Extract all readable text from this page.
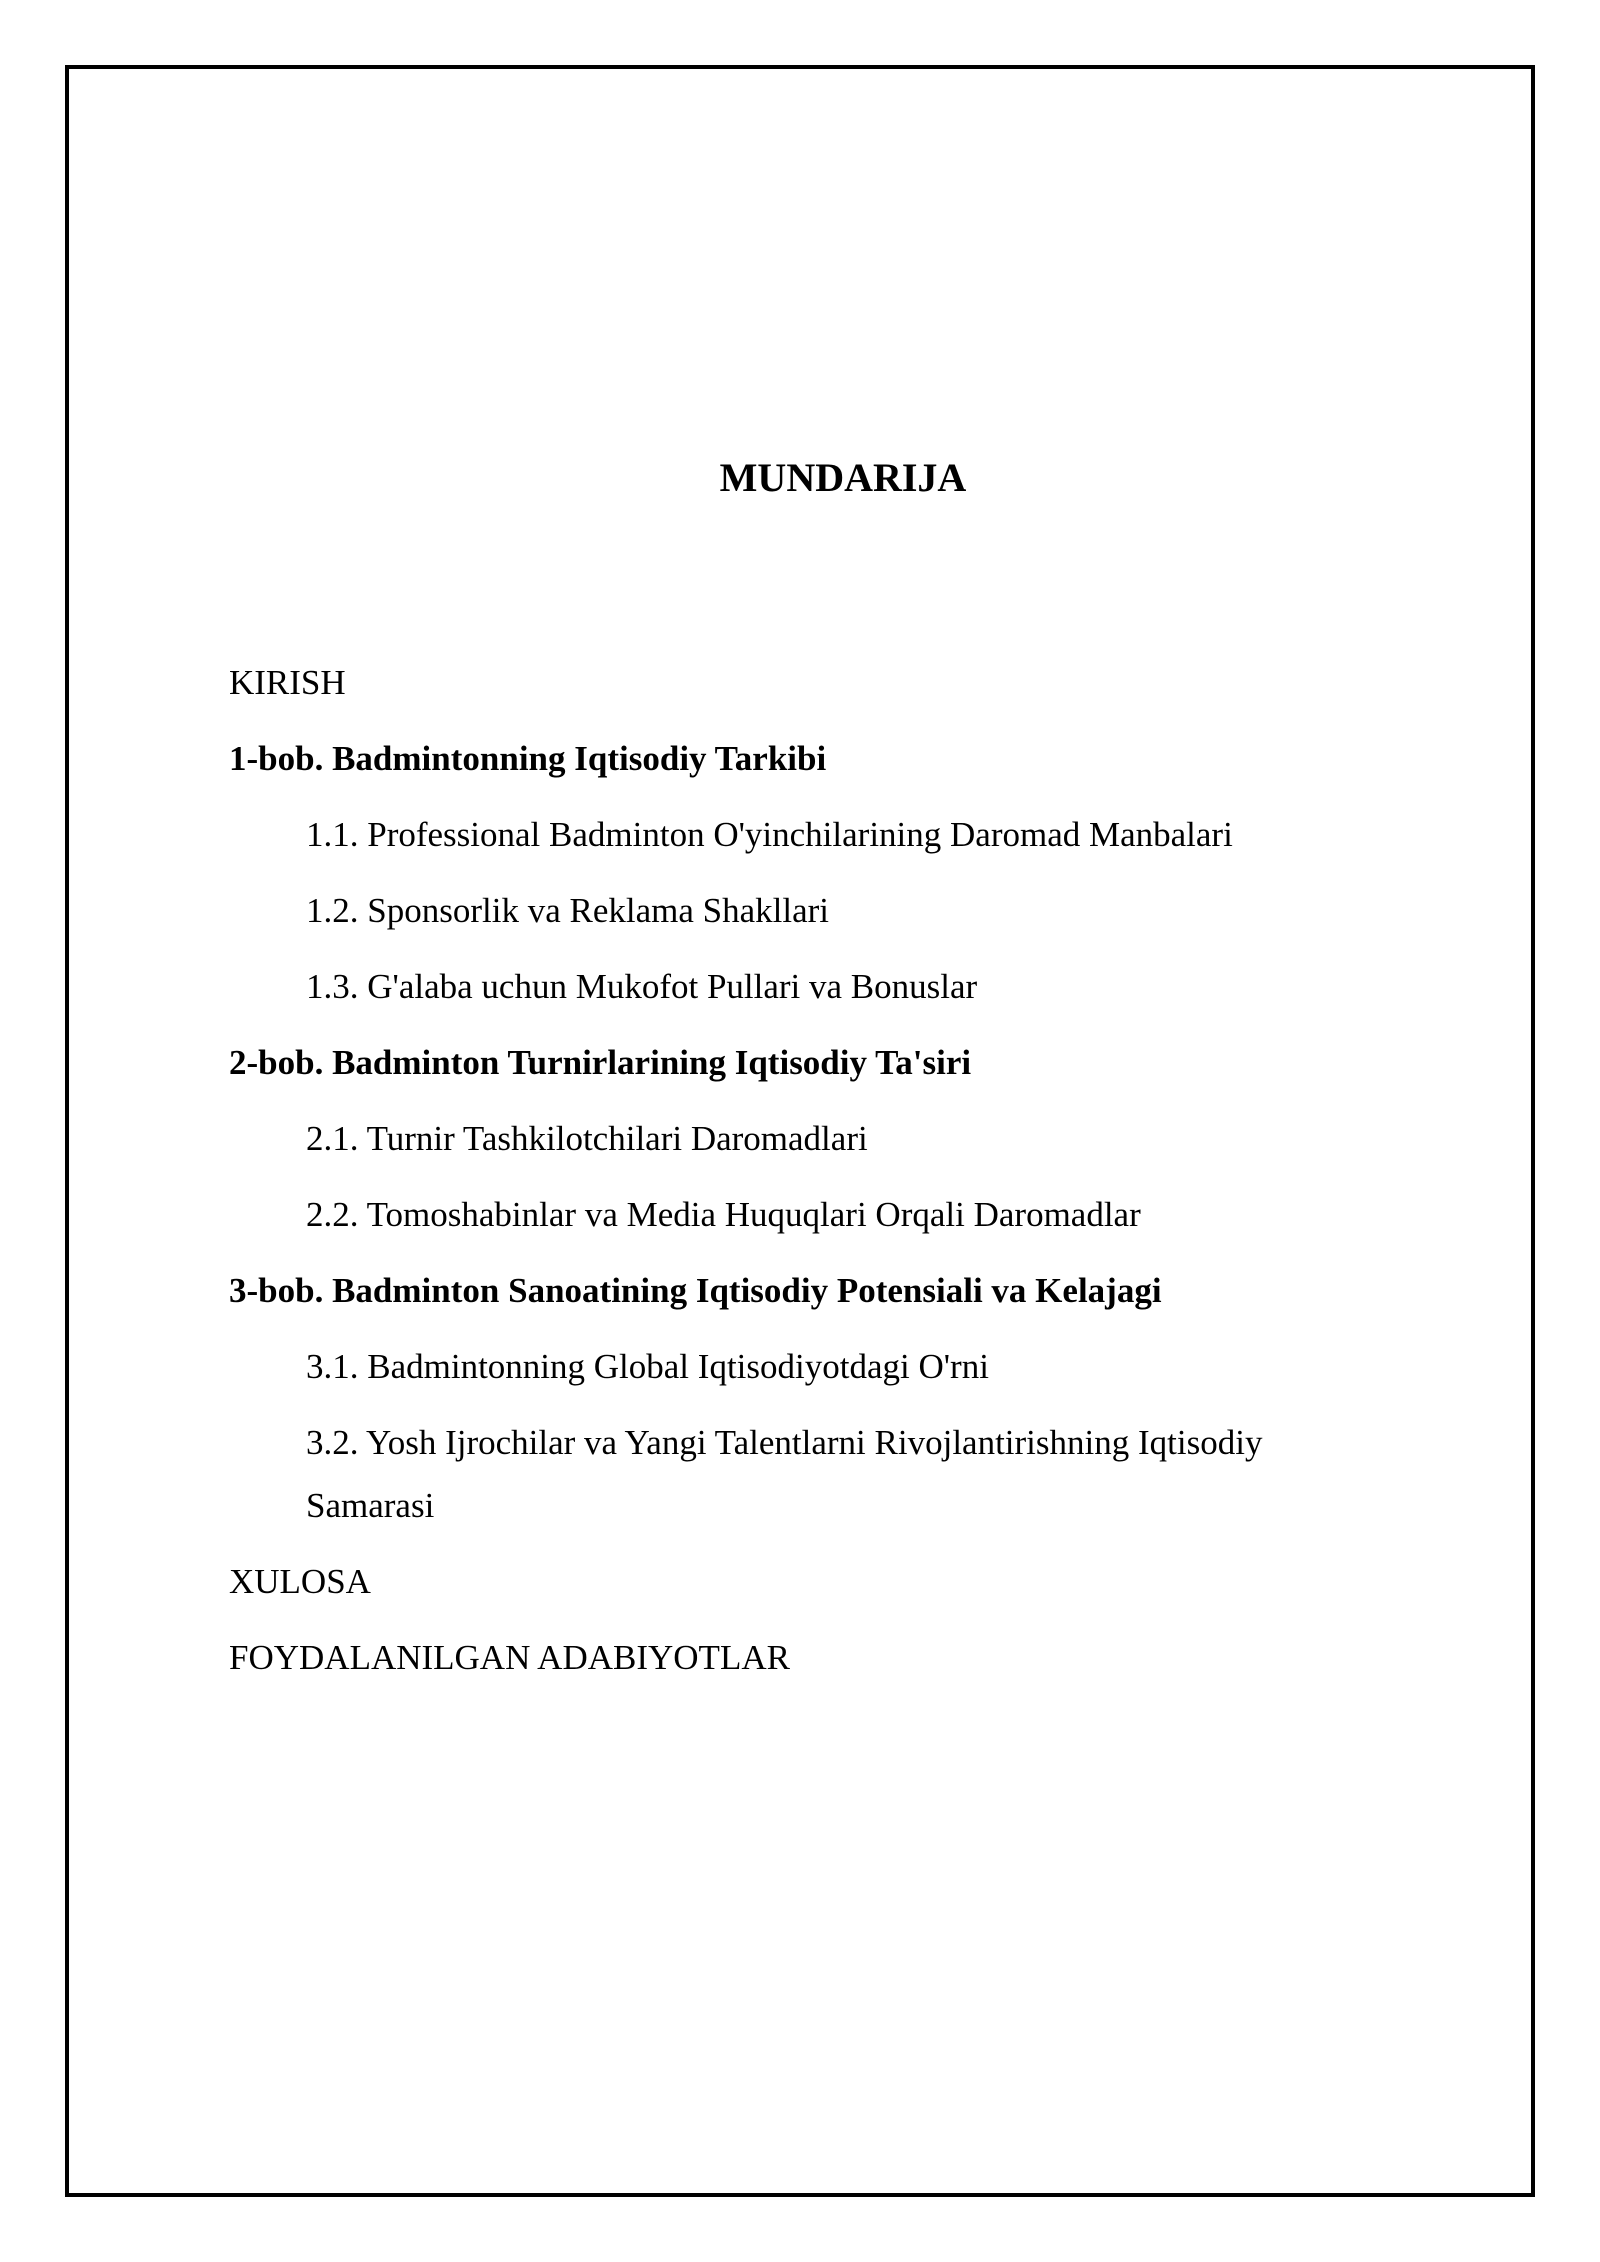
MUNDARIJA

KIRISH

1-bob. Badmintonning Iqtisodiy Tarkibi

1.1. Professional Badminton O'yinchilarining Daromad Manbalari

1.2. Sponsorlik va Reklama Shakllari

1.3. G'alaba uchun Mukofot Pullari va Bonuslar

2-bob. Badminton Turnirlarining Iqtisodiy Ta'siri

2.1. Turnir Tashkilotchilari Daromadlari

2.2. Tomoshabinlar va Media Huquqlari Orqali Daromadlar

3-bob. Badminton Sanoatining Iqtisodiy Potensiali va Kelajagi

3.1. Badmintonning Global Iqtisodiyotdagi O'rni

3.2. Yosh Ijrochilar va Yangi Talentlarni Rivojlantirishning Iqtisodiy Samarasi

XULOSA

FOYDALANILGAN ADABIYOTLAR
